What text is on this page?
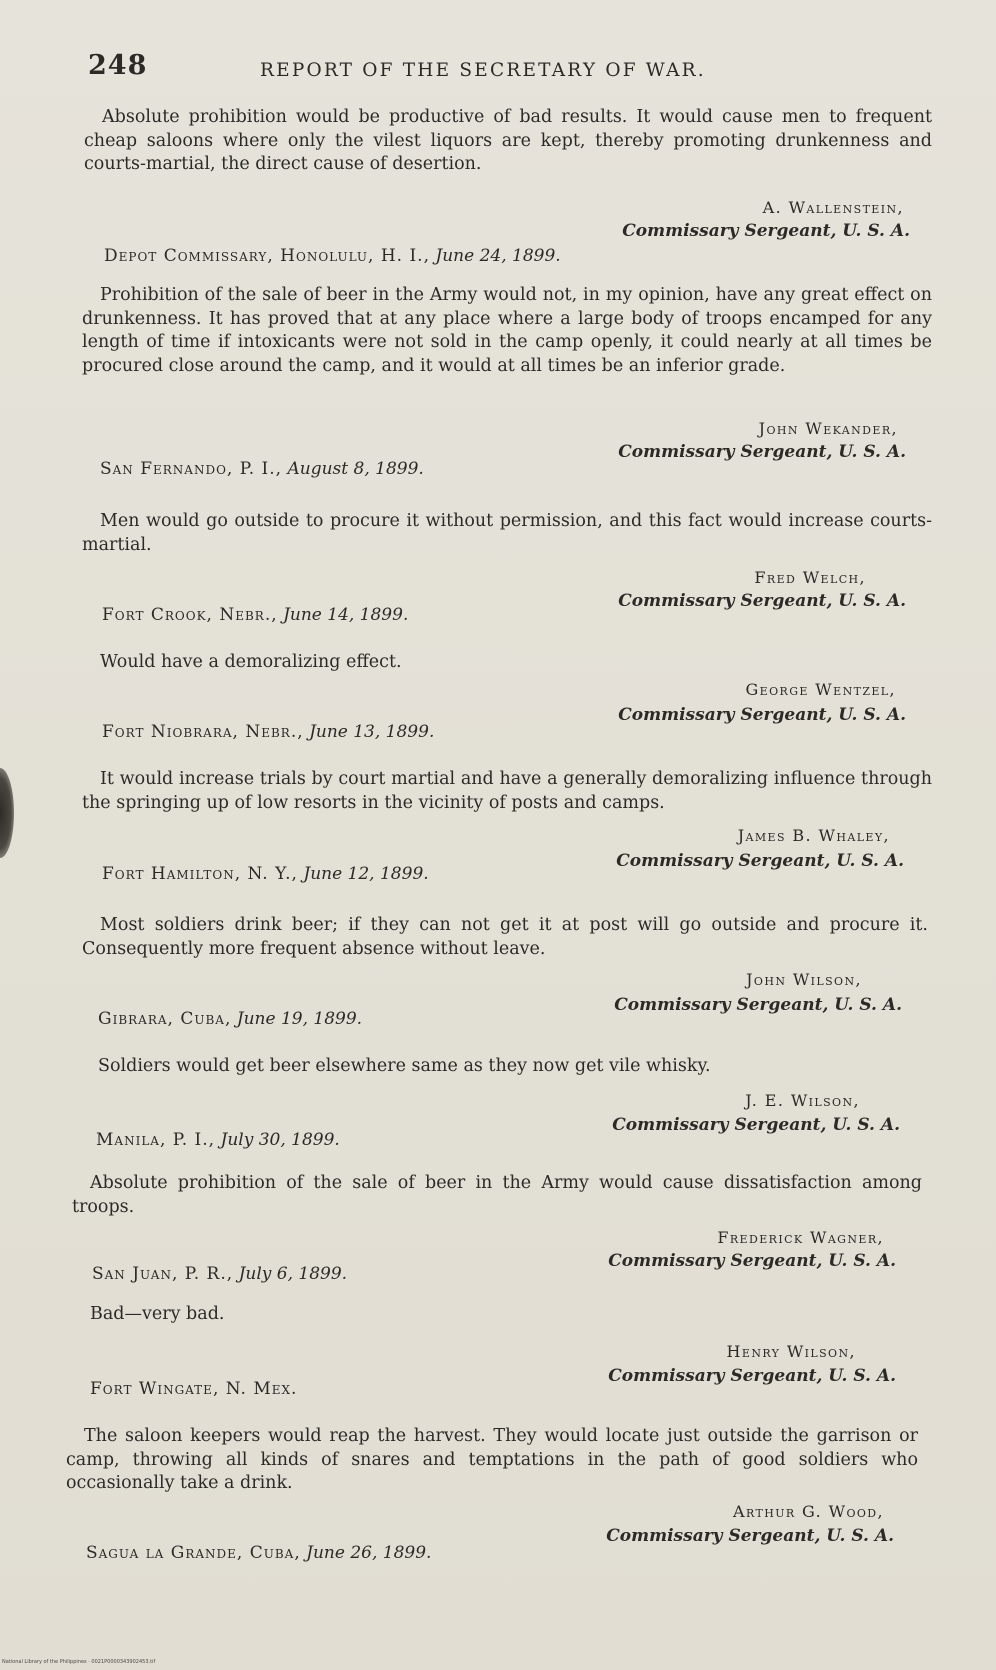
248	REPORT OF THE SECRETARY OF WAR.
Absolute prohibition would be productive of bad results. It would cause men to frequent cheap saloons where only the vilest liquors are kept, thereby promoting drunkenness and courts-martial, the direct cause of desertion.
A. Wallenstein,
Commissary Sergeant, U. S. A.
Depot Commissary, Honolulu, H. I., June 24, 1899.
Prohibition of the sale of beer in the Army would not, in my opinion, have any great effect on drunkenness. It has proved that at any place where a large body of troops encamped for any length of time if intoxicants were not sold in the camp openly, it could nearly at all times be procured close around the camp, and it would at all times be an inferior grade.
John Wekander,
Commissary Sergeant, U. S. A.
San Fernando, P. I., August 8, 1899.
Men would go outside to procure it without permission, and this fact would increase courts-martial.
Fred Welch,
Commissary Sergeant, U. S. A.
Fort Crook, Nebr., June 14, 1899.
Would have a demoralizing effect.
George Wentzel,
Commissary Sergeant, U. S. A.
Fort Niobrara, Nebr., June 13, 1899.
It would increase trials by court martial and have a generally demoralizing influence through the springing up of low resorts in the vicinity of posts and camps.
James B. Whaley,
Commissary Sergeant, U. S. A.
Fort Hamilton, N. Y., June 12, 1899.
Most soldiers drink beer; if they can not get it at post will go outside and procure it. Consequently more frequent absence without leave.
John Wilson,
Commissary Sergeant, U. S. A.
Gibrara, Cuba, June 19, 1899.
Soldiers would get beer elsewhere same as they now get vile whisky.
J. E. Wilson,
Commissary Sergeant, U. S. A.
Manila, P. I., July 30, 1899.
Absolute prohibition of the sale of beer in the Army would cause dissatisfaction among troops.
Frederick Wagner,
Commissary Sergeant, U. S. A.
San Juan, P. R., July 6, 1899.
Bad—very bad.
Henry Wilson,
Commissary Sergeant, U. S. A.
Fort Wingate, N. Mex.
The saloon keepers would reap the harvest. They would locate just outside the garrison or camp, throwing all kinds of snares and temptations in the path of good soldiers who occasionally take a drink.
Arthur G. Wood,
Commissary Sergeant, U. S. A.
Sagua la Grande, Cuba, June 26, 1899.
National Library of the Philippines · 0021P0000343902453.tif
